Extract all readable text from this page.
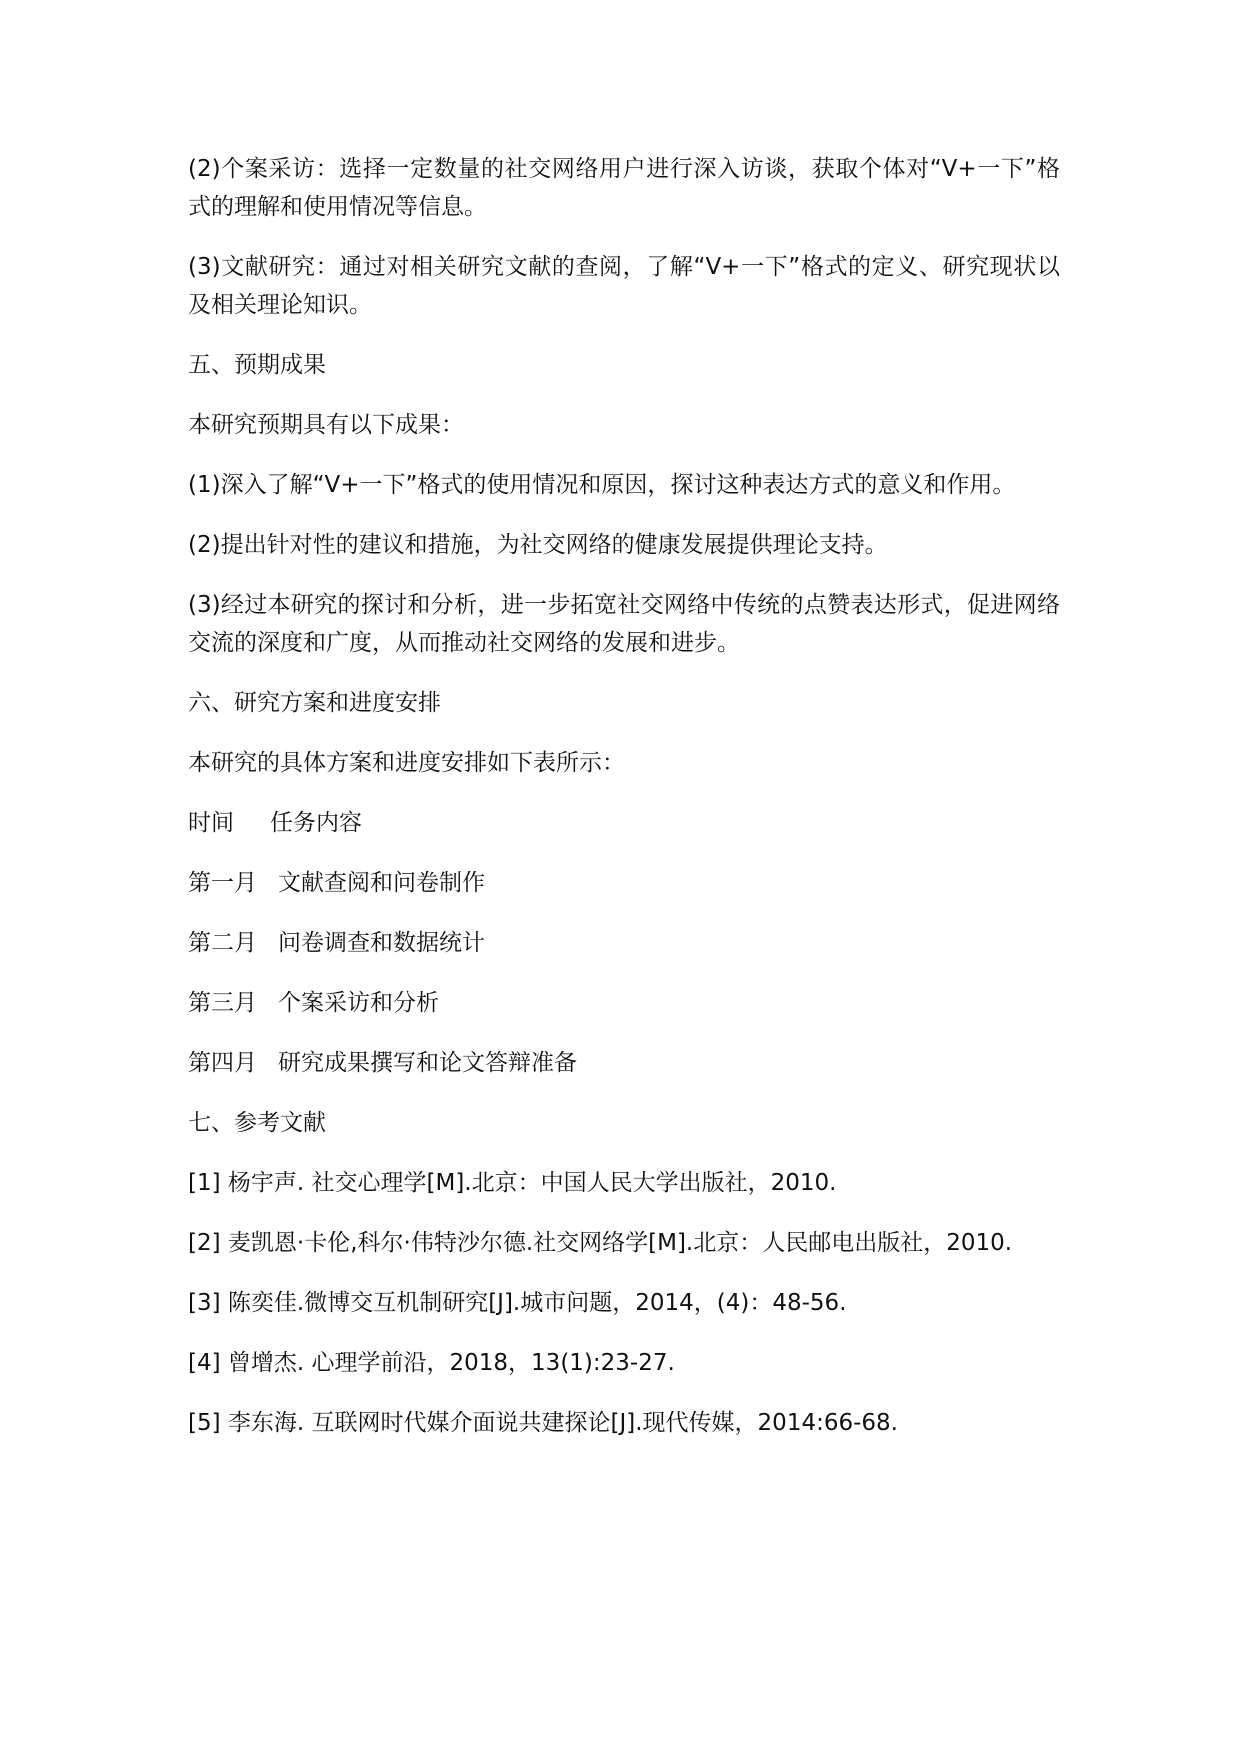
(2)个案采访：选择一定数量的社交网络用户进行深入访谈，获取个体对“V+一下”格式的理解和使用情况等信息。

(3)文献研究：通过对相关研究文献的查阅，了解“V+一下”格式的定义、研究现状以及相关理论知识。

五、预期成果

本研究预期具有以下成果：

(1)深入了解“V+一下”格式的使用情况和原因，探讨这种表达方式的意义和作用。

(2)提出针对性的建议和措施，为社交网络的健康发展提供理论支持。

(3)经过本研究的探讨和分析，进一步拓宽社交网络中传统的点赞表达形式，促进网络交流的深度和广度，从而推动社交网络的发展和进步。

六、研究方案和进度安排

本研究的具体方案和进度安排如下表所示：

时间 任务内容
第一月 文献查阅和问卷制作
第二月 问卷调查和数据统计
第三月 个案采访和分析
第四月 研究成果撰写和论文答辩准备

七、参考文献

[1] 杨宇声. 社交心理学[M].北京：中国人民大学出版社，2010.

[2] 麦凯恩·卡伦,科尔·伟特沙尔德.社交网络学[M].北京：人民邮电出版社，2010.

[3] 陈奕佳.微博交互机制研究[J].城市问题，2014，(4)：48-56.

[4] 曾增杰. 心理学前沿，2018，13(1):23-27.

[5] 李东海. 互联网时代媒介面说共建探论[J].现代传媒，2014:66-68.
